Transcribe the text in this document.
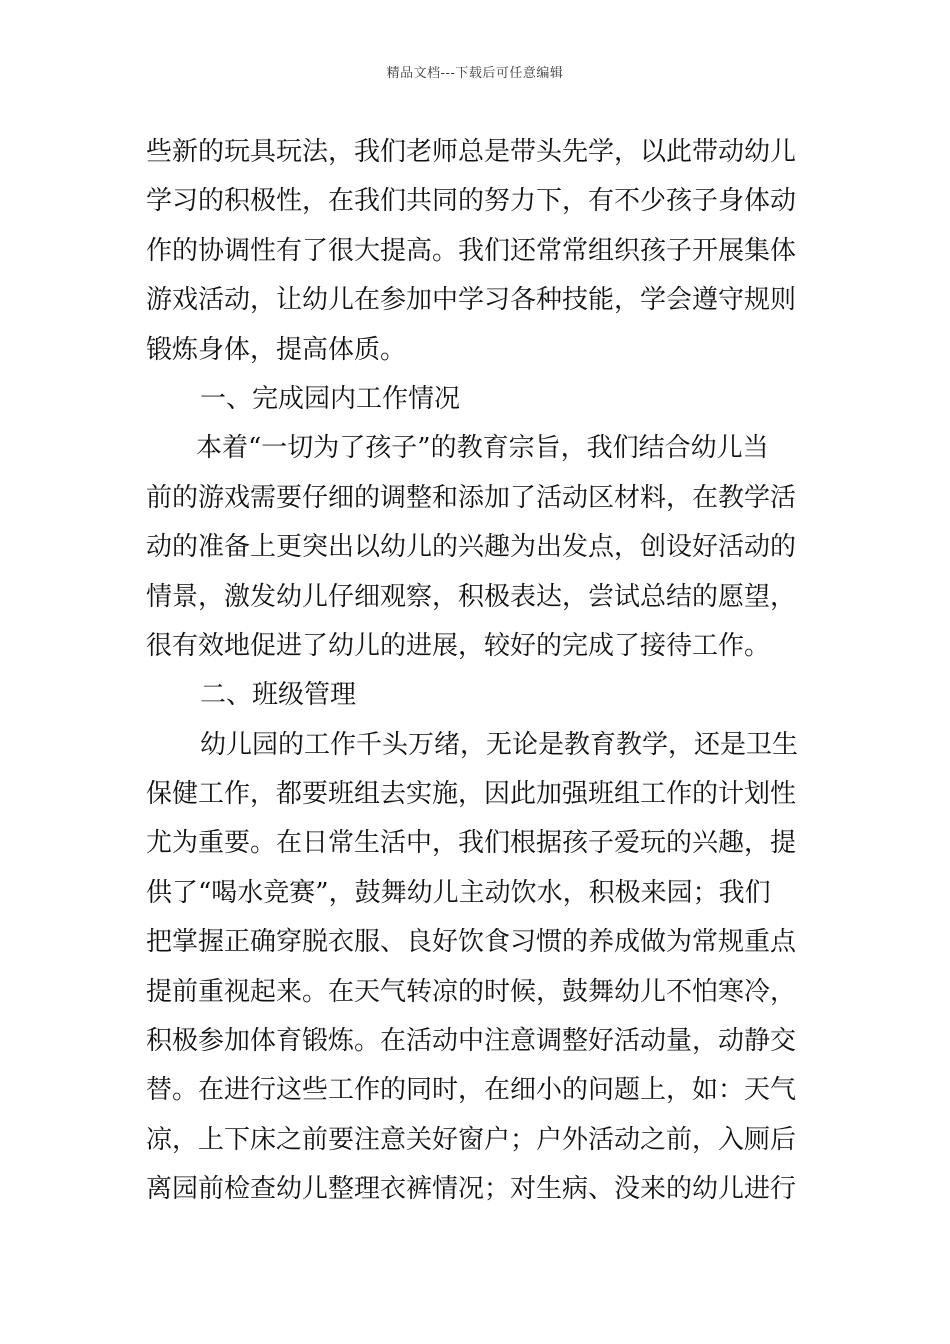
精品文档---下载后可任意编辑
些新的玩具玩法，我们老师总是带头先学，以此带动幼儿
学习的积极性，在我们共同的努力下，有不少孩子身体动
作的协调性有了很大提高。我们还常常组织孩子开展集体
游戏活动，让幼儿在参加中学习各种技能，学会遵守规则
锻炼身体，提高体质。
一、完成园内工作情况
本着“一切为了孩子”的教育宗旨，我们结合幼儿当
前的游戏需要仔细的调整和添加了活动区材料，在教学活
动的准备上更突出以幼儿的兴趣为出发点，创设好活动的
情景，激发幼儿仔细观察，积极表达，尝试总结的愿望，
很有效地促进了幼儿的进展，较好的完成了接待工作。
二、班级管理
幼儿园的工作千头万绪，无论是教育教学，还是卫生
保健工作，都要班组去实施，因此加强班组工作的计划性
尤为重要。在日常生活中，我们根据孩子爱玩的兴趣，提
供了“喝水竞赛”，鼓舞幼儿主动饮水，积极来园；我们
把掌握正确穿脱衣服、良好饮食习惯的养成做为常规重点
提前重视起来。在天气转凉的时候，鼓舞幼儿不怕寒冷，
积极参加体育锻炼。在活动中注意调整好活动量，动静交
替。在进行这些工作的同时，在细小的问题上，如：天气
凉，上下床之前要注意关好窗户；户外活动之前，入厕后
离园前检查幼儿整理衣裤情况；对生病、没来的幼儿进行
